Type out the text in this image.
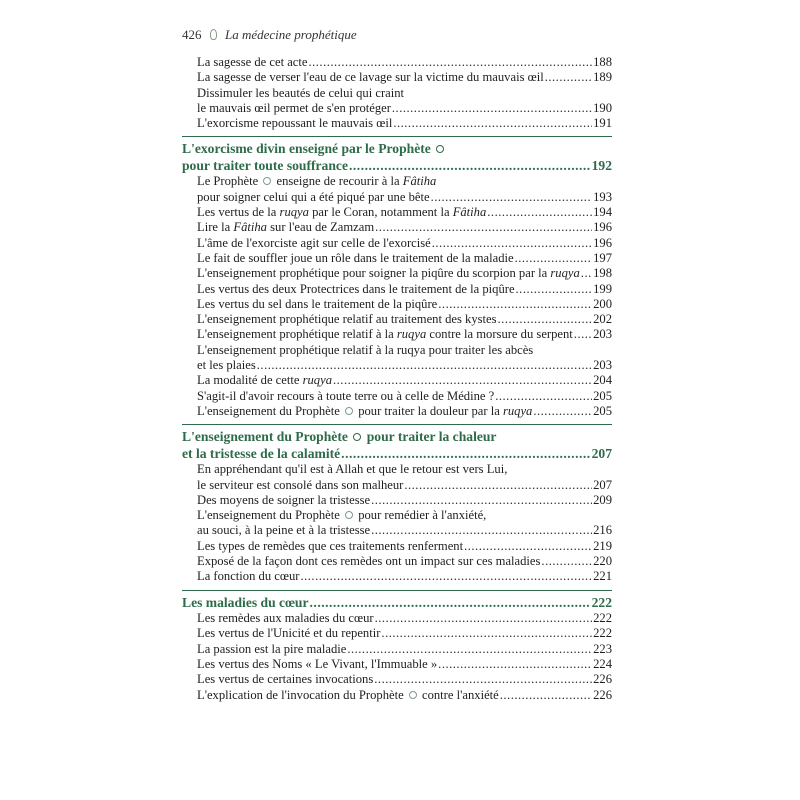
426 La médecine prophétique
La sagesse de cet acte .....	188
La sagesse de verser l'eau de ce lavage sur la victime du mauvais œil .....	189
Dissimuler les beautés de celui qui craint
le mauvais œil permet de s'en protéger .....	190
L'exorcisme repoussant le mauvais œil .....	191
L'exorcisme divin enseigné par le Prophète
pour traiter toute souffrance .....	192
Le Prophète enseigne de recourir à la Fâtiha
pour soigner celui qui a été piqué par une bête .....	193
Les vertus de la ruqya par le Coran, notamment la Fâtiha .....	194
Lire la Fâtiha sur l'eau de Zamzam .....	196
L'âme de l'exorciste agit sur celle de l'exorcisé .....	196
Le fait de souffler joue un rôle dans le traitement de la maladie .....	197
L'enseignement prophétique pour soigner la piqûre du scorpion par la ruqya ..... 198
Les vertus des deux Protectrices dans le traitement de la piqûre .....	199
Les vertus du sel dans le traitement de la piqûre .....	200
L'enseignement prophétique relatif au traitement des kystes .....	202
L'enseignement prophétique relatif à la ruqya contre la morsure du serpent ..... 203
L'enseignement prophétique relatif à la ruqya pour traiter les abcès
et les plaies .....	203
La modalité de cette ruqya .....	204
S'agit-il d'avoir recours à toute terre ou à celle de Médine ? .....	205
L'enseignement du Prophète pour traiter la douleur par la ruqya .....	205
L'enseignement du Prophète pour traiter la chaleur
et la tristesse de la calamité .....	207
En appréhendant qu'il est à Allah et que le retour est vers Lui,
le serviteur est consolé dans son malheur .....	207
Des moyens de soigner la tristesse .....	209
L'enseignement du Prophète pour remédier à l'anxiété,
au souci, à la peine et à la tristesse .....	216
Les types de remèdes que ces traitements renferment .....	219
Exposé de la façon dont ces remèdes ont un impact sur ces maladies .....	220
La fonction du cœur .....	221
Les maladies du cœur .....	222
Les remèdes aux maladies du cœur .....	222
Les vertus de l'Unicité et du repentir .....	222
La passion est la pire maladie .....	223
Les vertus des Noms « Le Vivant, l'Immuable » .....	224
Les vertus de certaines invocations .....	226
L'explication de l'invocation du Prophète contre l'anxiété .....	226
